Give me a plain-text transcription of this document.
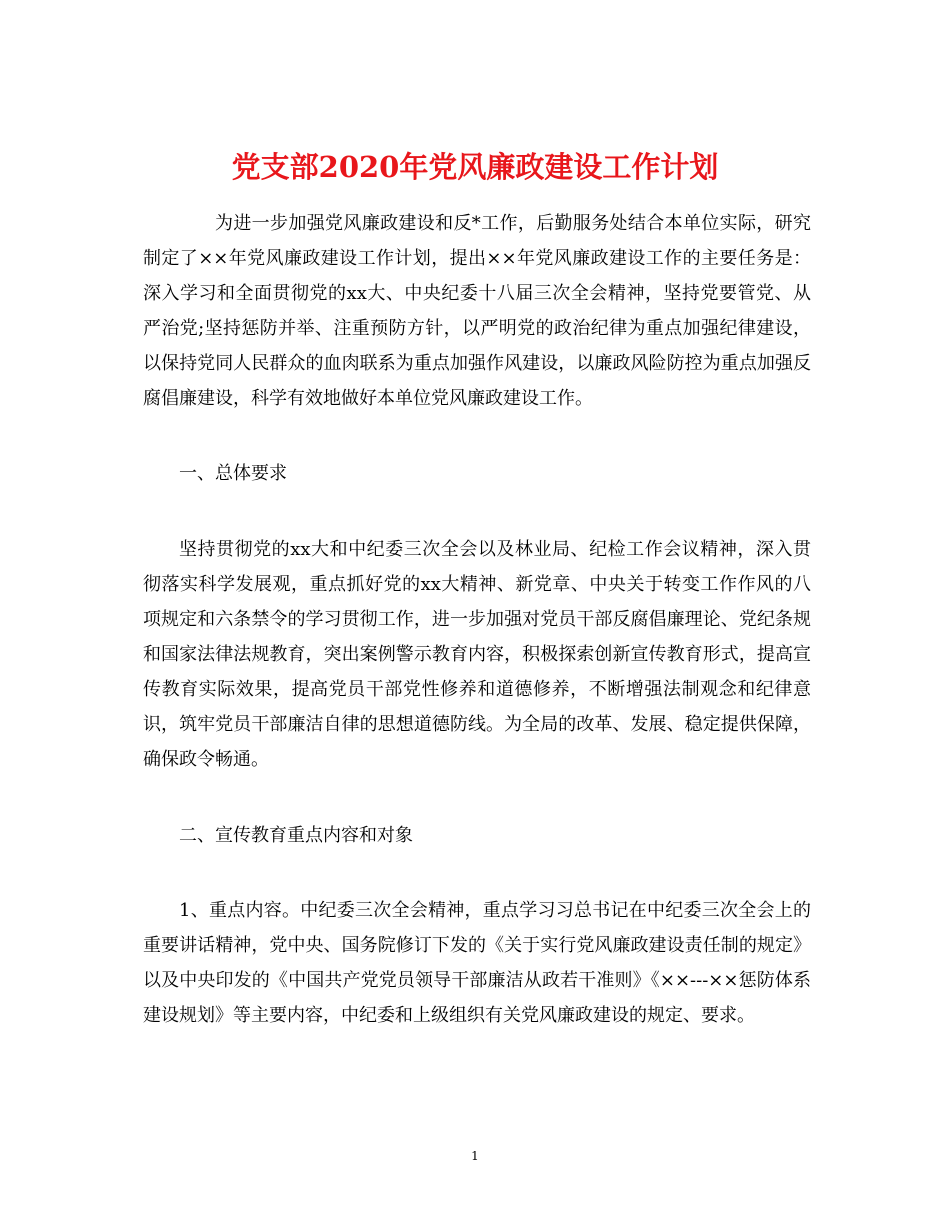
党支部2020年党风廉政建设工作计划

为进一步加强党风廉政建设和反*工作，后勤服务处结合本单位实际，研究制定了××年党风廉政建设工作计划，提出××年党风廉政建设工作的主要任务是：深入学习和全面贯彻党的xx大、中央纪委十八届三次全会精神，坚持党要管党、从严治党;坚持惩防并举、注重预防方针，以严明党的政治纪律为重点加强纪律建设，以保持党同人民群众的血肉联系为重点加强作风建设，以廉政风险防控为重点加强反腐倡廉建设，科学有效地做好本单位党风廉政建设工作。

一、总体要求

坚持贯彻党的xx大和中纪委三次全会以及林业局、纪检工作会议精神，深入贯彻落实科学发展观，重点抓好党的xx大精神、新党章、中央关于转变工作作风的八项规定和六条禁令的学习贯彻工作，进一步加强对党员干部反腐倡廉理论、党纪条规和国家法律法规教育，突出案例警示教育内容，积极探索创新宣传教育形式，提高宣传教育实际效果，提高党员干部党性修养和道德修养，不断增强法制观念和纪律意识，筑牢党员干部廉洁自律的思想道德防线。为全局的改革、发展、稳定提供保障，确保政令畅通。

二、宣传教育重点内容和对象

1、重点内容。中纪委三次全会精神，重点学习习总书记在中纪委三次全会上的重要讲话精神，党中央、国务院修订下发的《关于实行党风廉政建设责任制的规定》以及中央印发的《中国共产党党员领导干部廉洁从政若干准则》《××---××惩防体系建设规划》等主要内容，中纪委和上级组织有关党风廉政建设的规定、要求。

1
